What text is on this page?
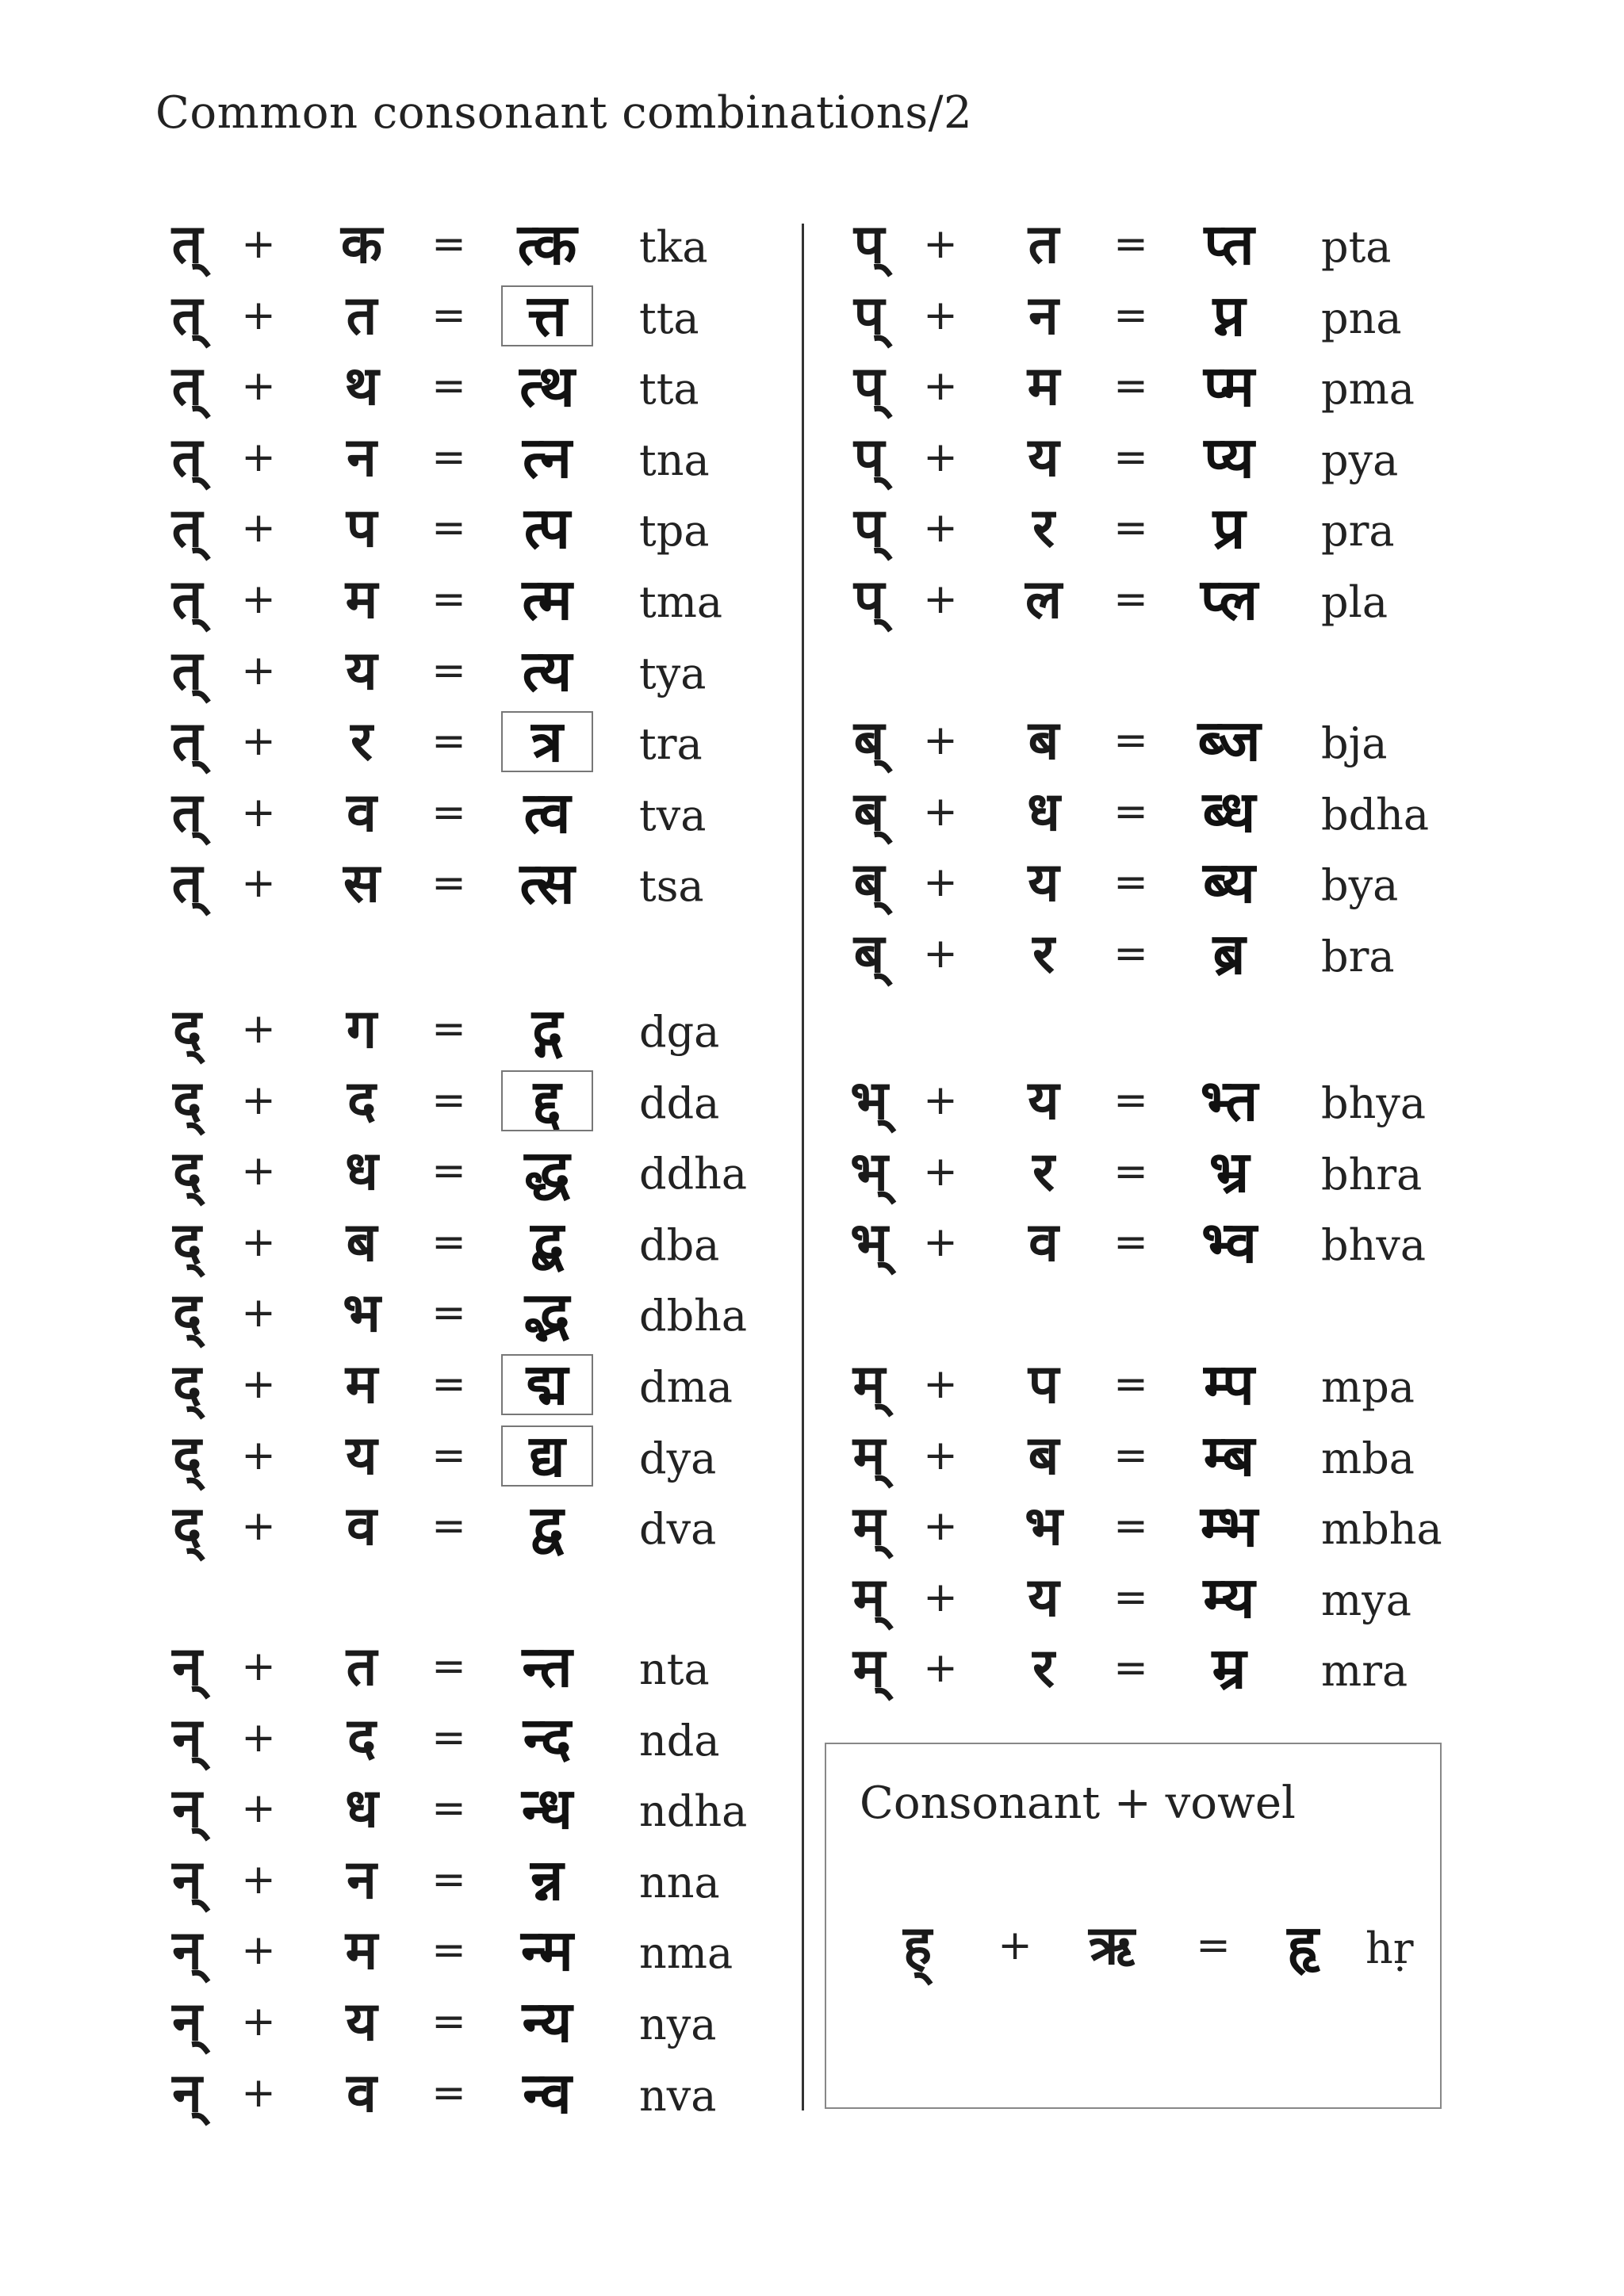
Common consonant combinations/2
त् +	क	= त्क	tka
त् +	त	=	त्त	tta
त् +	थ	= त्थ	tta
त् +	न	= त्न	tna
त् +	प	=	त्प	tpa
त् +	म	= त्म	tma
त् +	य	= त्य	tya
त् +	र	=	त्र	tra
त् +	व	=	त्व	tva
त् +	स	= त्स	tsa
द् +	ग	=	द्ग	dga
द् +	द	=	द्द	dda
द् +	ध	=	द्ध	ddha
द् +	ब	=	द्ब	dba
द् +	भ	=	द्भ	dbha
द् +	म	=	द्म	dma
द् +	य	=	द्य	dya
द् +	व	=	द्व	dva
न् +	त	= न्त	nta
न् +	द	= न्द	nda
न् +	ध	= न्ध	ndha
न् +	न	=	न्न	nna
न् +	म	= न्म	nma
न् +	य	= न्य	nya
न् +	व	= न्व	nva
प् +	त	= प्त	pta
प् +	न	=	प्न	pna
प् +	म	= प्म	pma
प् +	य	= प्य	pya
प् +	र	=	प्र	pra
प् +	ल	= प्ल	pla
ब् +	ब	= ब्ज	bja
ब् +	ध	= ब्ध	bdha
ब् +	य	= ब्य	bya
ब् +	र	=	ब्र	bra
भ् +	य	= भ्त	bhya
भ् +	र	=	भ्र	bhra
भ् +	व	= भ्व	bhva
म् +	प	= म्प	mpa
म् +	ब	= म्ब	mba
म् +	भ	= म्भ	mbha
म् +	य	= म्य	mya
म् +	र	=	म्र	mra
Consonant + vowel
ह्	+	ऋ	= हृ	hṛ
